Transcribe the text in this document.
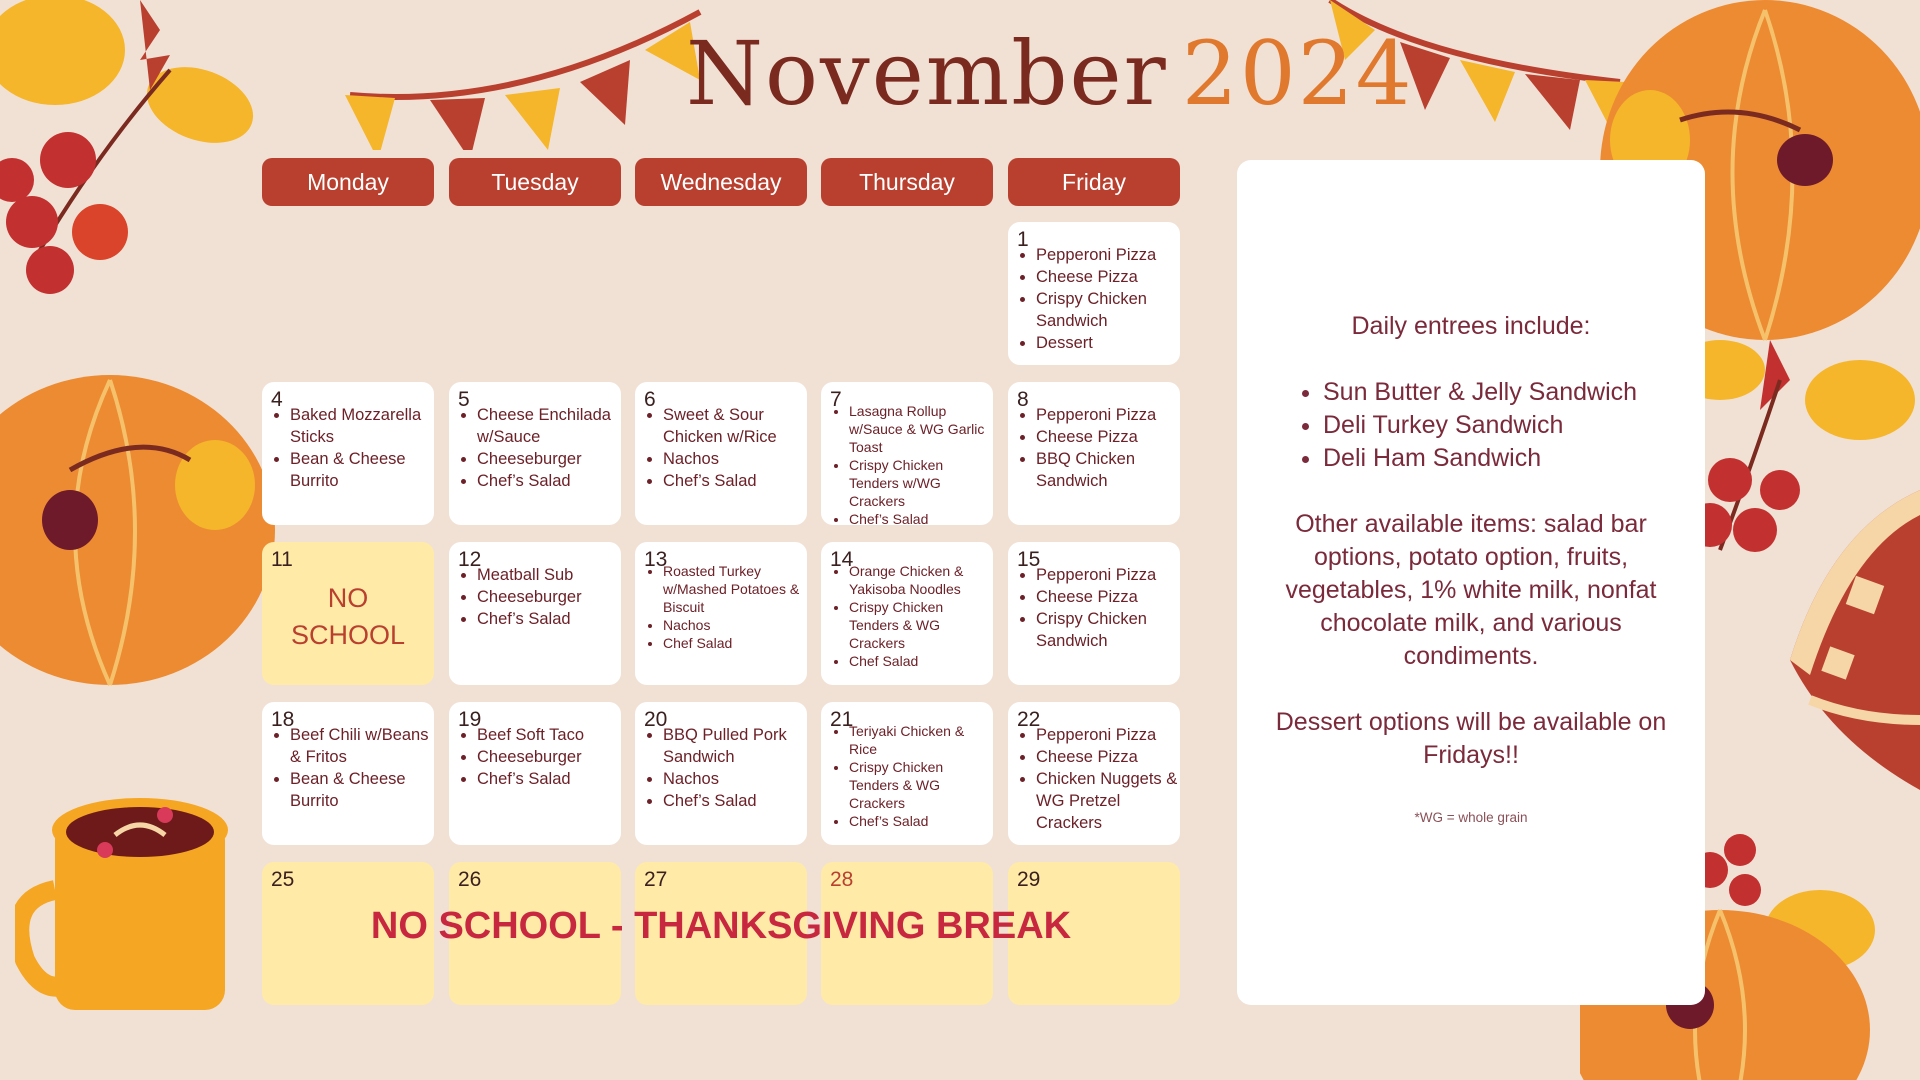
November 2024
Monday	Tuesday	Wednesday	Thursday	Friday
1
• Pepperoni Pizza
• Cheese Pizza
• Crispy Chicken Sandwich
• Dessert
4
• Baked Mozzarella Sticks
• Bean & Cheese Burrito
5
• Cheese Enchilada w/Sauce
• Cheeseburger
• Chef’s Salad
6
• Sweet & Sour Chicken w/Rice
• Nachos
• Chef’s Salad
7
• Lasagna Rollup w/Sauce & WG Garlic Toast
• Crispy Chicken Tenders w/WG Crackers
• Chef’s Salad
8
• Pepperoni Pizza
• Cheese Pizza
• BBQ Chicken Sandwich
11
NO
SCHOOL
12
• Meatball Sub
• Cheeseburger
• Chef’s Salad
13
• Roasted Turkey w/Mashed Potatoes & Biscuit
• Nachos
• Chef Salad
14
• Orange Chicken & Yakisoba Noodles
• Crispy Chicken Tenders & WG Crackers
• Chef Salad
15
• Pepperoni Pizza
• Cheese Pizza
• Crispy Chicken Sandwich
18
• Beef Chili w/Beans & Fritos
• Bean & Cheese Burrito
19
• Beef Soft Taco
• Cheeseburger
• Chef’s Salad
20
• BBQ Pulled Pork Sandwich
• Nachos
• Chef’s Salad
21
• Teriyaki Chicken & Rice
• Crispy Chicken Tenders & WG Crackers
• Chef’s Salad
22
• Pepperoni Pizza
• Cheese Pizza
• Chicken Nuggets & WG Pretzel Crackers
25	26	27	28	29
NO SCHOOL - THANKSGIVING BREAK
Daily entrees include:
• Sun Butter & Jelly Sandwich
• Deli Turkey Sandwich
• Deli Ham Sandwich
Other available items: salad bar options, potato option, fruits, vegetables, 1% white milk, nonfat chocolate milk, and various condiments.
Dessert options will be available on Fridays!!
*WG = whole grain
